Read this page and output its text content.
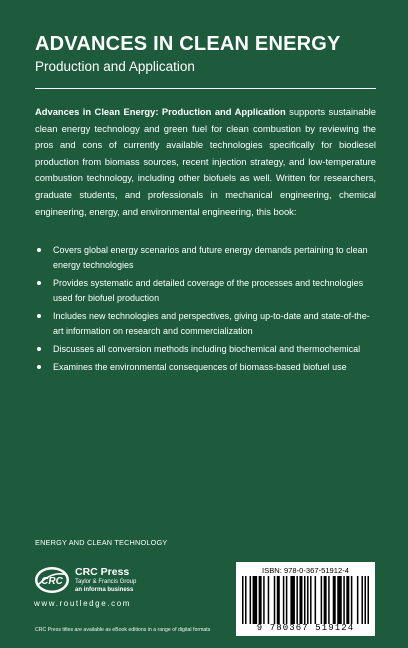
ADVANCES IN CLEAN ENERGY
Production and Application
Advances in Clean Energy: Production and Application supports sustainable clean energy technology and green fuel for clean combustion by reviewing the pros and cons of currently available technologies specifically for biodiesel production from biomass sources, recent injection strategy, and low-temperature combustion technology, including other biofuels as well. Written for researchers, graduate students, and professionals in mechanical engineering, chemical engineering, energy, and environmental engineering, this book:
Covers global energy scenarios and future energy demands pertaining to clean energy technologies
Provides systematic and detailed coverage of the processes and technologies used for biofuel production
Includes new technologies and perspectives, giving up-to-date and state-of-the-art information on research and commercialization
Discusses all conversion methods including biochemical and thermochemical
Examines the environmental consequences of biomass-based biofuel use
ENERGY AND CLEAN TECHNOLOGY
CRC
CRC Press
Taylor & Francis Group
an informa business
www.routledge.com
CRC Press titles are available as eBook editions in a range of digital formats
ISBN: 978-0-367-51912-4
9 780367 519124
